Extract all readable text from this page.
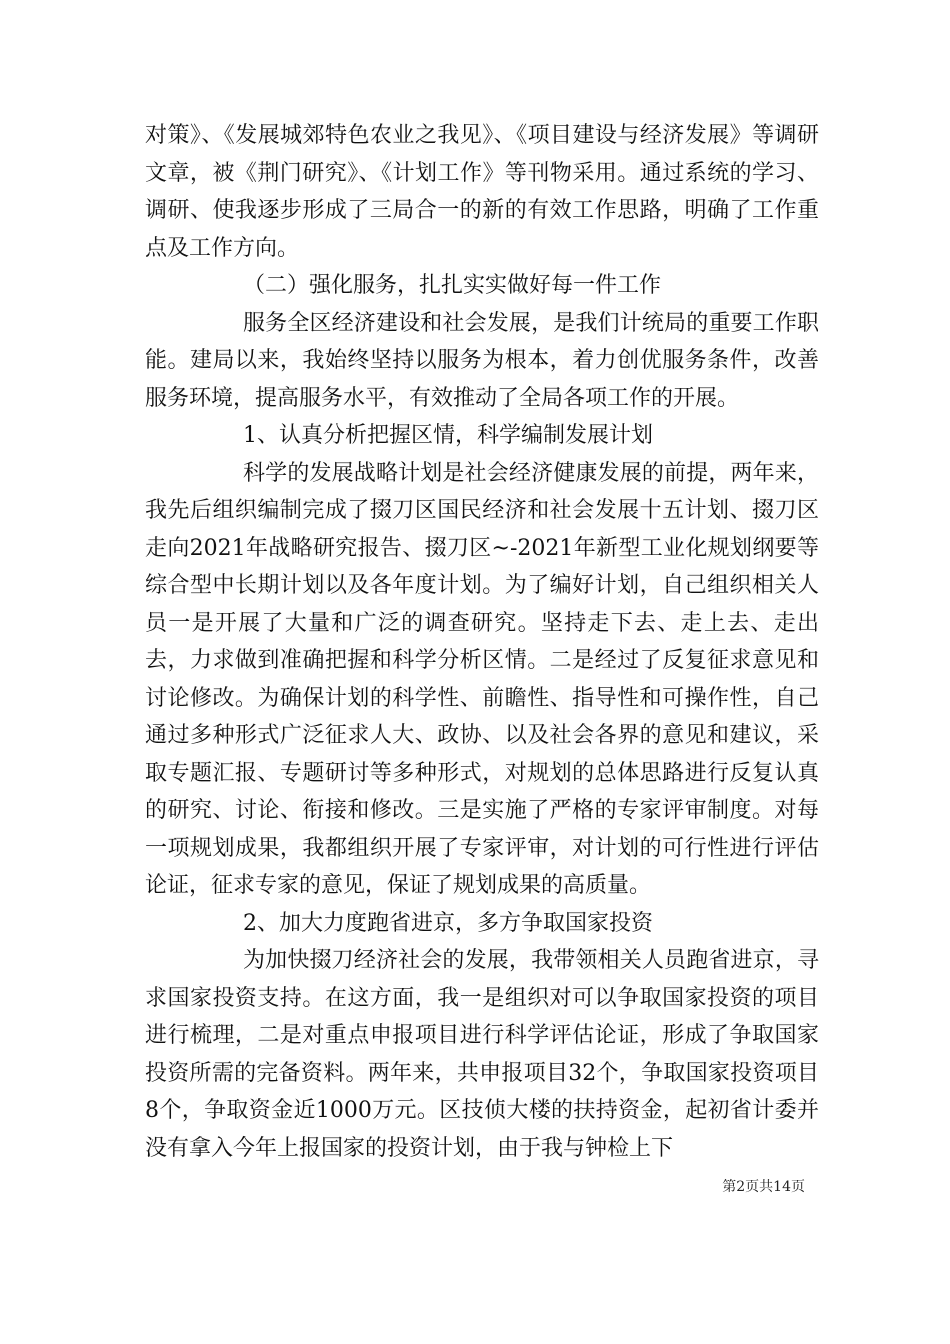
对策》、《发展城郊特色农业之我见》、《项目建设与经济发展》等调研文章，被《荆门研究》、《计划工作》等刊物采用。通过系统的学习、调研、使我逐步形成了三局合一的新的有效工作思路，明确了工作重点及工作方向。

（二）强化服务，扎扎实实做好每一件工作

服务全区经济建设和社会发展，是我们计统局的重要工作职能。建局以来，我始终坚持以服务为根本，着力创优服务条件，改善服务环境，提高服务水平，有效推动了全局各项工作的开展。

1、认真分析把握区情，科学编制发展计划

科学的发展战略计划是社会经济健康发展的前提，两年来，我先后组织编制完成了掇刀区国民经济和社会发展十五计划、掇刀区走向2021年战略研究报告、掇刀区~-2021年新型工业化规划纲要等综合型中长期计划以及各年度计划。为了编好计划，自己组织相关人员一是开展了大量和广泛的调查研究。坚持走下去、走上去、走出去，力求做到准确把握和科学分析区情。二是经过了反复征求意见和讨论修改。为确保计划的科学性、前瞻性、指导性和可操作性，自己通过多种形式广泛征求人大、政协、以及社会各界的意见和建议，采取专题汇报、专题研讨等多种形式，对规划的总体思路进行反复认真的研究、讨论、衔接和修改。三是实施了严格的专家评审制度。对每一项规划成果，我都组织开展了专家评审，对计划的可行性进行评估论证，征求专家的意见，保证了规划成果的高质量。

2、加大力度跑省进京，多方争取国家投资

为加快掇刀经济社会的发展，我带领相关人员跑省进京，寻求国家投资支持。在这方面，我一是组织对可以争取国家投资的项目进行梳理，二是对重点申报项目进行科学评估论证，形成了争取国家投资所需的完备资料。两年来，共申报项目32个，争取国家投资项目8个，争取资金近1000万元。区技侦大楼的扶持资金，起初省计委并没有拿入今年上报国家的投资计划，由于我与钟检上下

第2页共14页
